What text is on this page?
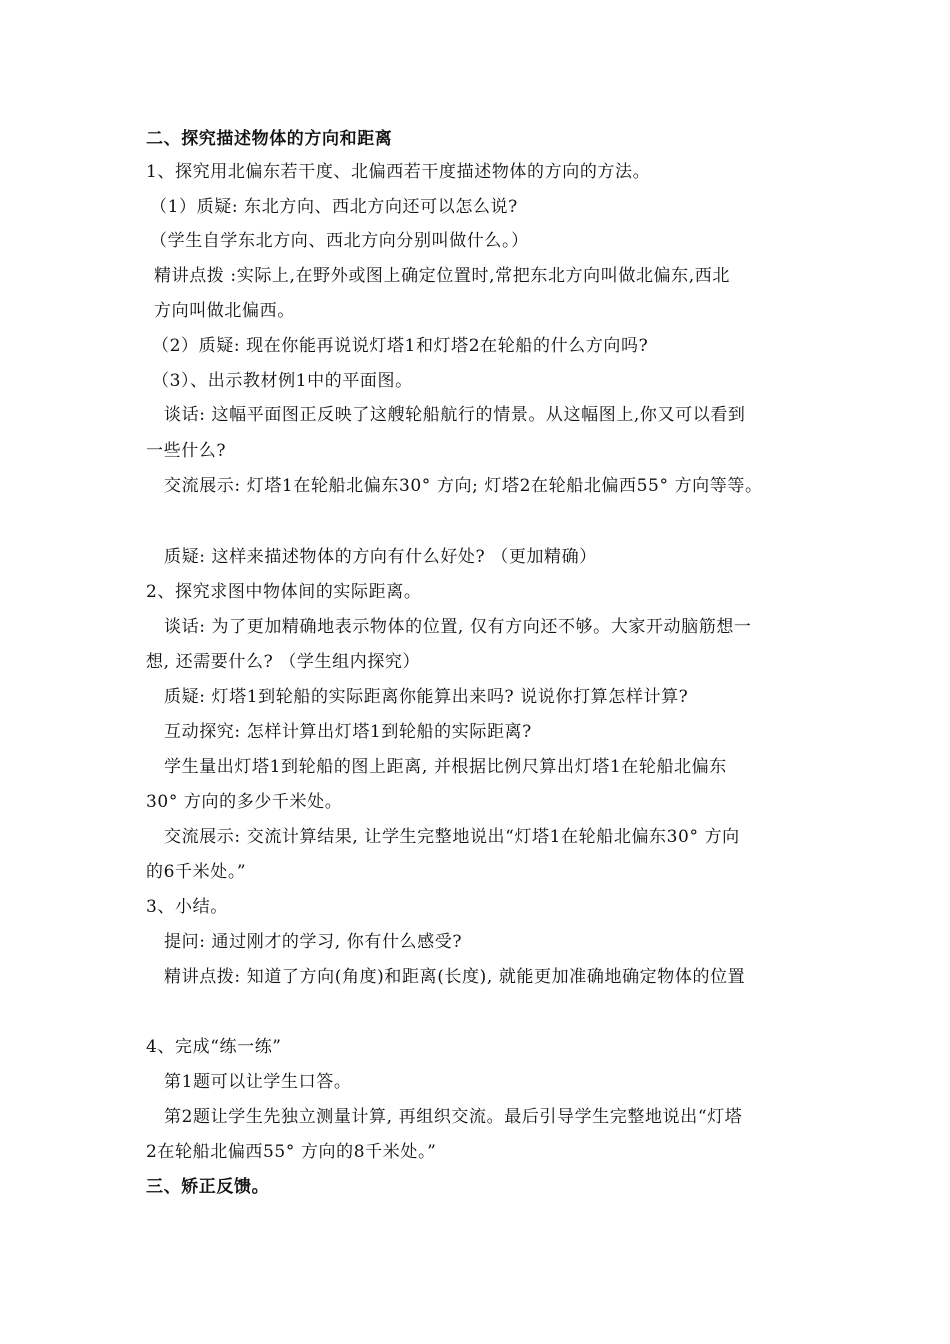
二、探究描述物体的方向和距离
1、探究用北偏东若干度、北偏西若干度描述物体的方向的方法。
（1）质疑: 东北方向、西北方向还可以怎么说?
（学生自学东北方向、西北方向分别叫做什么。）
精讲点拨 :实际上,在野外或图上确定位置时,常把东北方向叫做北偏东,西北
方向叫做北偏西。
（2）质疑: 现在你能再说说灯塔1和灯塔2在轮船的什么方向吗?
（3）、出示教材例1中的平面图。
谈话: 这幅平面图正反映了这艘轮船航行的情景。从这幅图上,你又可以看到
一些什么?
交流展示: 灯塔1在轮船北偏东30° 方向; 灯塔2在轮船北偏西55° 方向等等。
质疑: 这样来描述物体的方向有什么好处? （更加精确）
2、探究求图中物体间的实际距离。
谈话: 为了更加精确地表示物体的位置, 仅有方向还不够。大家开动脑筋想一
想, 还需要什么? （学生组内探究）
质疑: 灯塔1到轮船的实际距离你能算出来吗? 说说你打算怎样计算?
互动探究: 怎样计算出灯塔1到轮船的实际距离?
学生量出灯塔1到轮船的图上距离, 并根据比例尺算出灯塔1在轮船北偏东
30° 方向的多少千米处。
交流展示: 交流计算结果, 让学生完整地说出“灯塔1在轮船北偏东30° 方向
的6千米处。”
3、小结。
提问: 通过刚才的学习, 你有什么感受?
精讲点拨: 知道了方向(角度)和距离(长度), 就能更加准确地确定物体的位置
4、完成“练一练”
第1题可以让学生口答。
第2题让学生先独立测量计算, 再组织交流。最后引导学生完整地说出“灯塔
2在轮船北偏西55° 方向的8千米处。”
三、矫正反馈。
